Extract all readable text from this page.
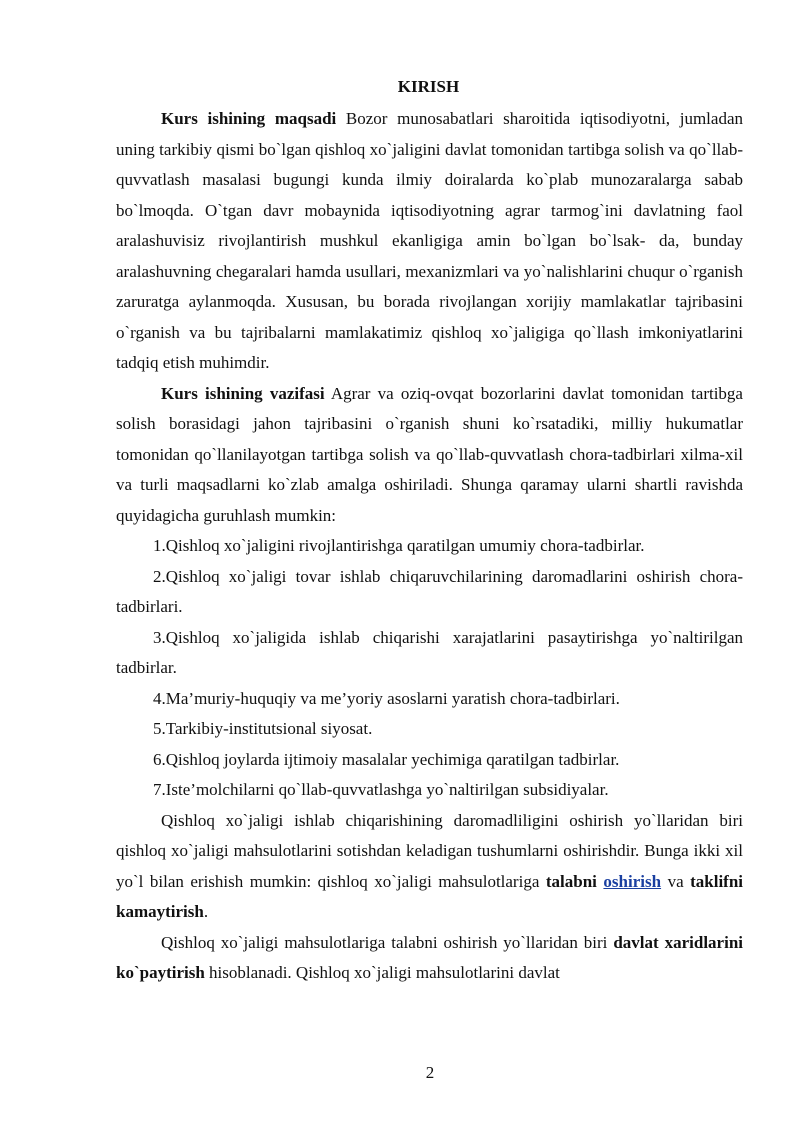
KIRISH

Kurs ishining maqsadi Bozor munosabatlari sharoitida iqtisodiyotni, jumladan uning tarkibiy qismi bo`lgan qishloq xo`jaligini davlat tomonidan tartibga solish va qo`llab-quvvatlash masalasi bugungi kunda ilmiy doiralarda ko`plab munozaralarga sabab bo`lmoqda. O`tgan davr mobaynida iqtisodiyotning agrar tarmog`ini davlatning faol aralashuvisiz rivojlantirish mushkul ekanligiga amin bo`lgan bo`lsak- da, bunday aralashuvning chegaralari hamda usullari, mexanizmlari va yo`nalishlarini chuqur o`rganish zaruratga aylanmoqda. Xususan, bu borada rivojlangan xorijiy mamlakatlar tajribasini o`rganish va bu tajribalarni mamlakatimiz qishloq xo`jaligiga qo`llash imkoniyatlarini tadqiq etish muhimdir.

Kurs ishining vazifasi Agrar va oziq-ovqat bozorlarini davlat tomonidan tartibga solish borasidagi jahon tajribasini o`rganish shuni ko`rsatadiki, milliy hukumatlar tomonidan qo`llanilayotgan tartibga solish va qo`llab-quvvatlash chora-tadbirlari xilma-xil va turli maqsadlarni ko`zlab amalga oshiriladi. Shunga qaramay ularni shartli ravishda quyidagicha guruhlash mumkin:

1.Qishloq xo`jaligini rivojlantirishga qaratilgan umumiy chora-tadbirlar.

2.Qishloq xo`jaligi tovar ishlab chiqaruvchilarining daromadlarini oshirish chora-tadbirlari.

3.Qishloq xo`jaligida ishlab chiqarishi xarajatlarini pasaytirishga yo`naltirilgan tadbirlar.

4.Ma’muriy-huquqiy va me’yoriy asoslarni yaratish chora-tadbirlari.

5.Tarkibiy-institutsional siyosat.

6.Qishloq joylarda ijtimoiy masalalar yechimiga qaratilgan tadbirlar.

7.Iste’molchilarni qo`llab-quvvatlashga yo`naltirilgan subsidiyalar.

Qishloq xo`jaligi ishlab chiqarishining daromadliligini oshirish yo`llaridan biri qishloq xo`jaligi mahsulotlarini sotishdan keladigan tushumlarni oshirishdir. Bunga ikki xil yo`l bilan erishish mumkin: qishloq xo`jaligi mahsulotlariga talabni oshirish va taklifni kamaytirish.

Qishloq xo`jaligi mahsulotlariga talabni oshirish yo`llaridan biri davlat xaridlarini ko`paytirish hisoblanadi. Qishloq xo`jaligi mahsulotlarini davlat

2
